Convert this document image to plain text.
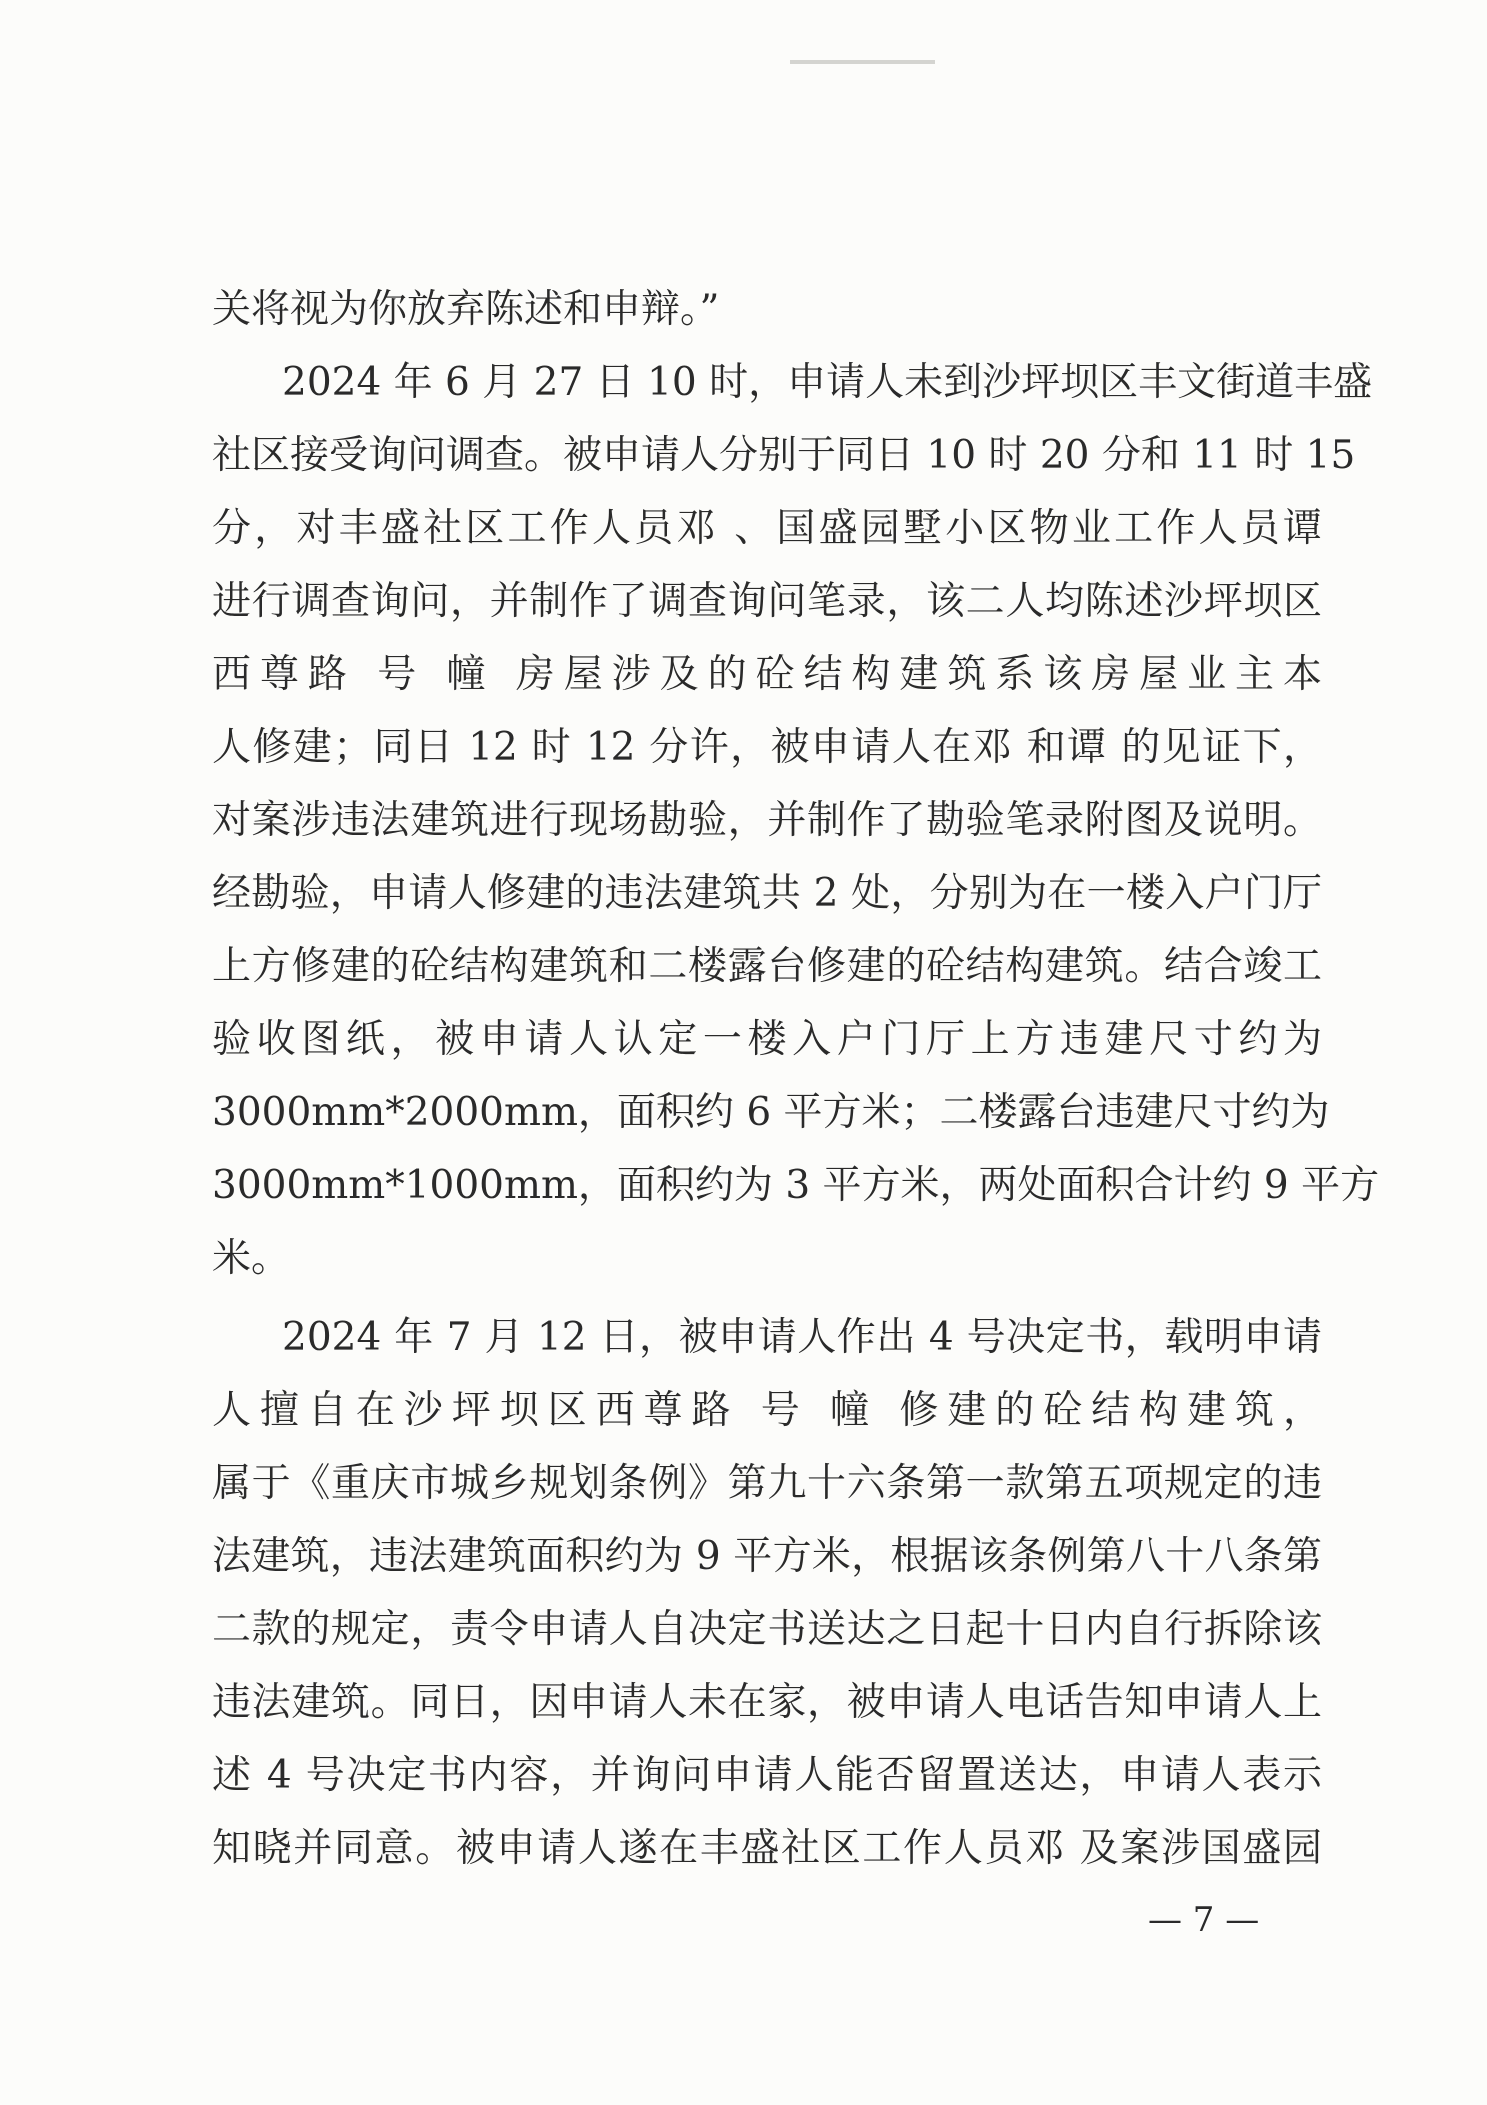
关将视为你放弃陈述和申辩。”
2024 年 6 月 27 日 10 时，申请人未到沙坪坝区丰文街道丰盛
社区接受询问调查。被申请人分别于同日 10 时 20 分和 11 时 15
分，对丰盛社区工作人员邓 、国盛园墅小区物业工作人员谭
进行调查询问，并制作了调查询问笔录，该二人均陈述沙坪坝区
西尊路 号 幢 房屋涉及的砼结构建筑系该房屋业主本
人修建；同日 12 时 12 分许，被申请人在邓 和谭 的见证下，
对案涉违法建筑进行现场勘验，并制作了勘验笔录附图及说明。
经勘验，申请人修建的违法建筑共 2 处，分别为在一楼入户门厅
上方修建的砼结构建筑和二楼露台修建的砼结构建筑。结合竣工
验收图纸，被申请人认定一楼入户门厅上方违建尺寸约为
3000mm*2000mm，面积约 6 平方米；二楼露台违建尺寸约为
3000mm*1000mm，面积约为 3 平方米，两处面积合计约 9 平方
米。
2024 年 7 月 12 日，被申请人作出 4 号决定书，载明申请
人擅自在沙坪坝区西尊路 号 幢 修建的砼结构建筑，
属于《重庆市城乡规划条例》第九十六条第一款第五项规定的违
法建筑，违法建筑面积约为 9 平方米，根据该条例第八十八条第
二款的规定，责令申请人自决定书送达之日起十日内自行拆除该
违法建筑。同日，因申请人未在家，被申请人电话告知申请人上
述 4 号决定书内容，并询问申请人能否留置送达，申请人表示
知晓并同意。被申请人遂在丰盛社区工作人员邓 及案涉国盛园
— 7 —
